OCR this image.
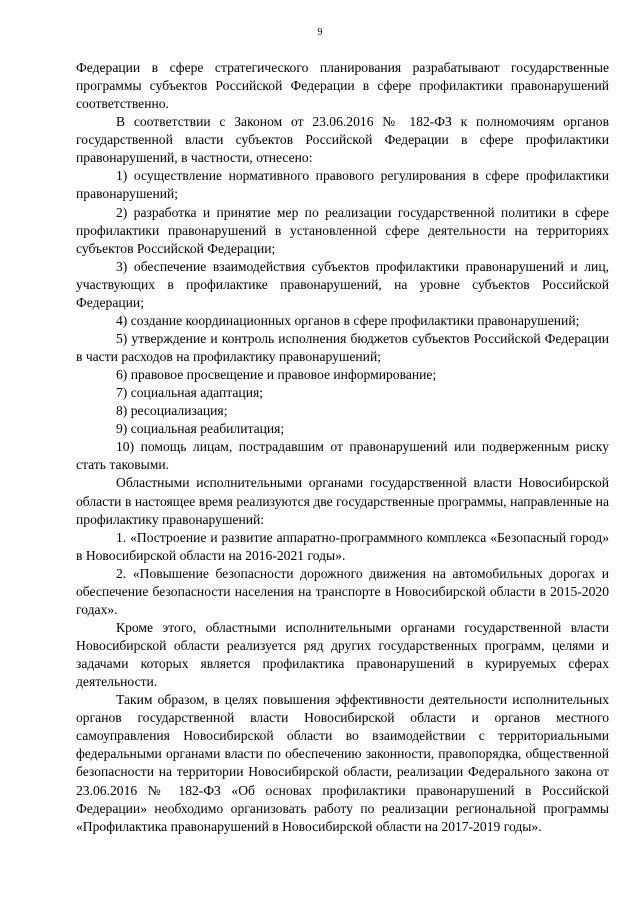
9

Федерации в сфере стратегического планирования разрабатывают государственные программы субъектов Российской Федерации в сфере профилактики правонарушений соответственно.

В соответствии с Законом от 23.06.2016 № 182-ФЗ к полномочиям органов государственной власти субъектов Российской Федерации в сфере профилактики правонарушений, в частности, отнесено:

1) осуществление нормативного правового регулирования в сфере профилактики правонарушений;

2) разработка и принятие мер по реализации государственной политики в сфере профилактики правонарушений в установленной сфере деятельности на территориях субъектов Российской Федерации;

3) обеспечение взаимодействия субъектов профилактики правонарушений и лиц, участвующих в профилактике правонарушений, на уровне субъектов Российской Федерации;

4) создание координационных органов в сфере профилактики правонарушений;

5) утверждение и контроль исполнения бюджетов субъектов Российской Федерации в части расходов на профилактику правонарушений;

6) правовое просвещение и правовое информирование;

7) социальная адаптация;

8) ресоциализация;

9) социальная реабилитация;

10) помощь лицам, пострадавшим от правонарушений или подверженным риску стать таковыми.

Областными исполнительными органами государственной власти Новосибирской области в настоящее время реализуются две государственные программы, направленные на профилактику правонарушений:

1. «Построение и развитие аппаратно-программного комплекса «Безопасный город» в Новосибирской области на 2016-2021 годы».

2. «Повышение безопасности дорожного движения на автомобильных дорогах и обеспечение безопасности населения на транспорте в Новосибирской области в 2015-2020 годах».

Кроме этого, областными исполнительными органами государственной власти Новосибирской области реализуется ряд других государственных программ, целями и задачами которых является профилактика правонарушений в курируемых сферах деятельности.

Таким образом, в целях повышения эффективности деятельности исполнительных органов государственной власти Новосибирской области и органов местного самоуправления Новосибирской области во взаимодействии с территориальными федеральными органами власти по обеспечению законности, правопорядка, общественной безопасности на территории Новосибирской области, реализации Федерального закона от 23.06.2016 № 182-ФЗ «Об основах профилактики правонарушений в Российской Федерации» необходимо организовать работу по реализации региональной программы «Профилактика правонарушений в Новосибирской области на 2017-2019 годы».
